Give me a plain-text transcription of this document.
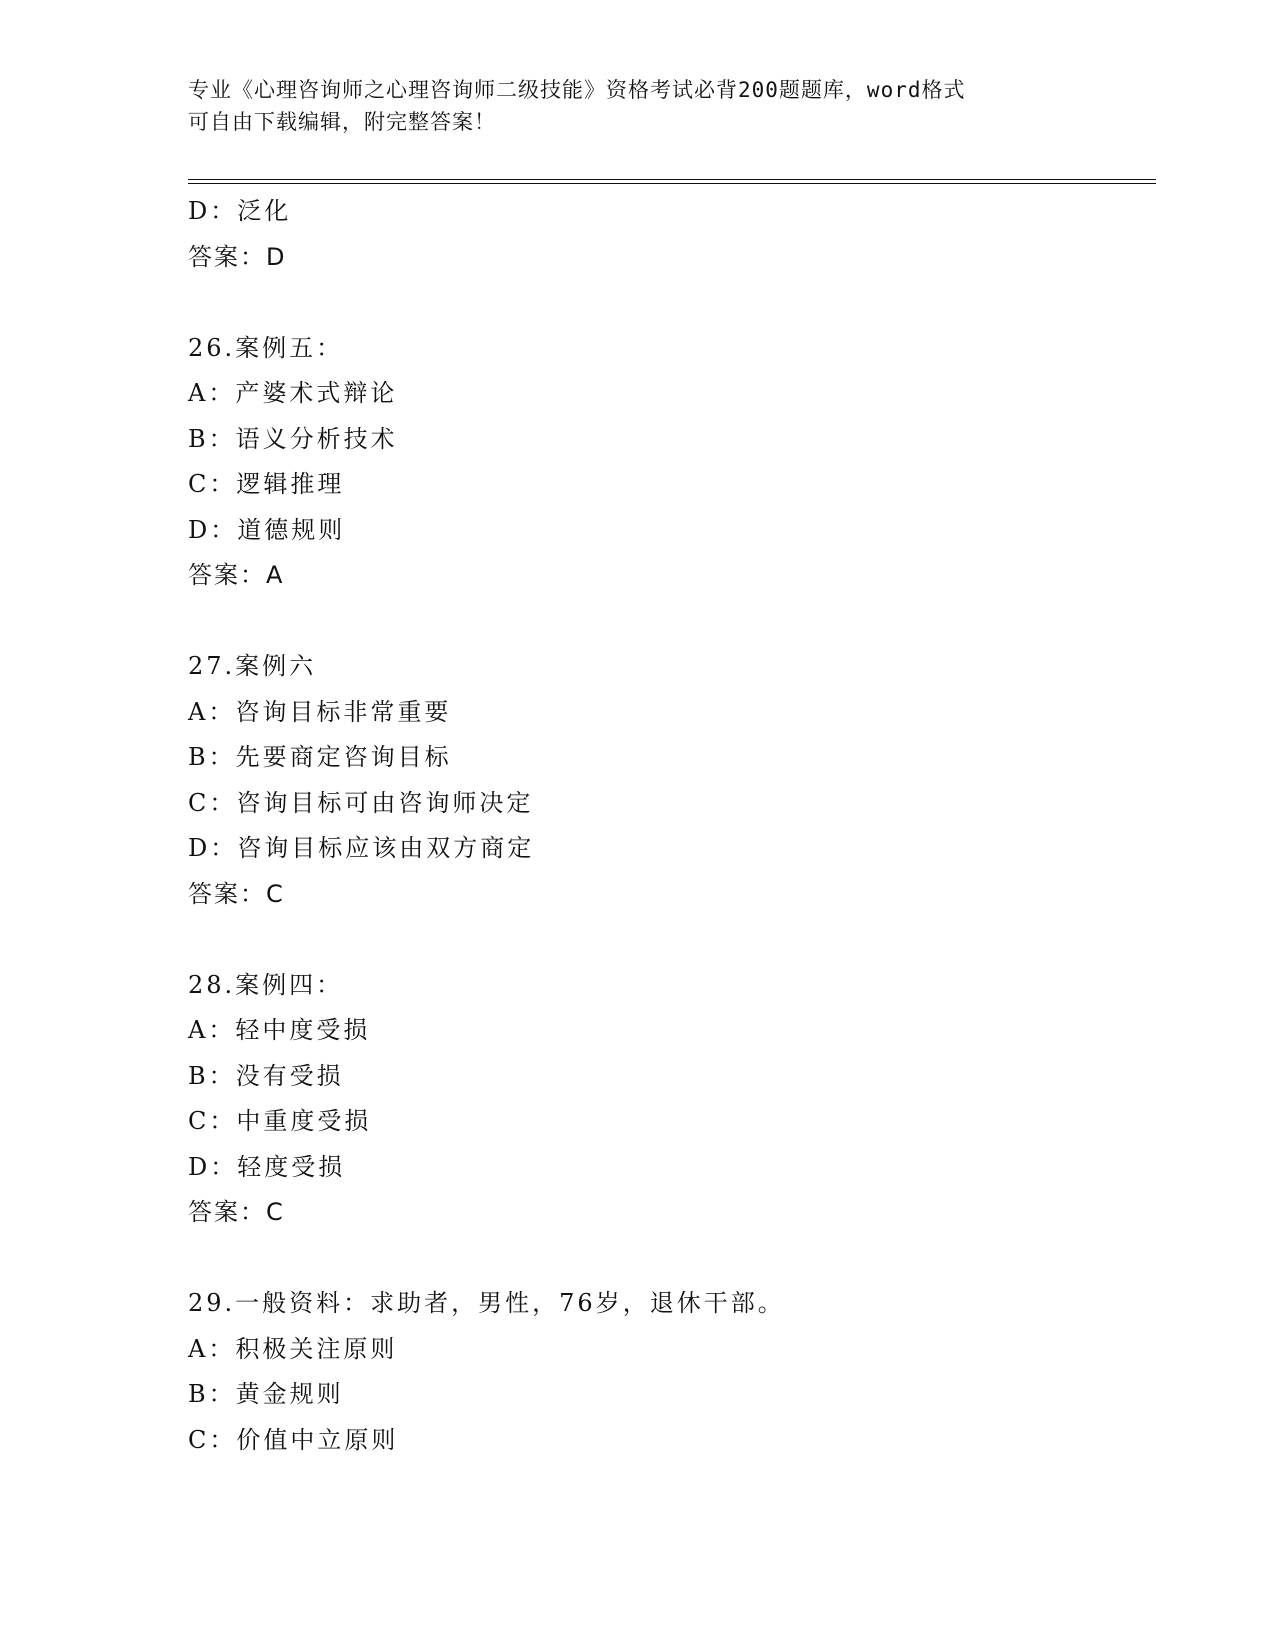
专业《心理咨询师之心理咨询师二级技能》资格考试必背200题题库，word格式
可自由下载编辑，附完整答案！
D：泛化
答案：D
26.案例五：
A：产婆术式辩论
B：语义分析技术
C：逻辑推理
D：道德规则
答案：A
27.案例六
A：咨询目标非常重要
B：先要商定咨询目标
C：咨询目标可由咨询师决定
D：咨询目标应该由双方商定
答案：C
28.案例四：
A：轻中度受损
B：没有受损
C：中重度受损
D：轻度受损
答案：C
29.一般资料：求助者，男性，76岁，退休干部。
A：积极关注原则
B：黄金规则
C：价值中立原则
